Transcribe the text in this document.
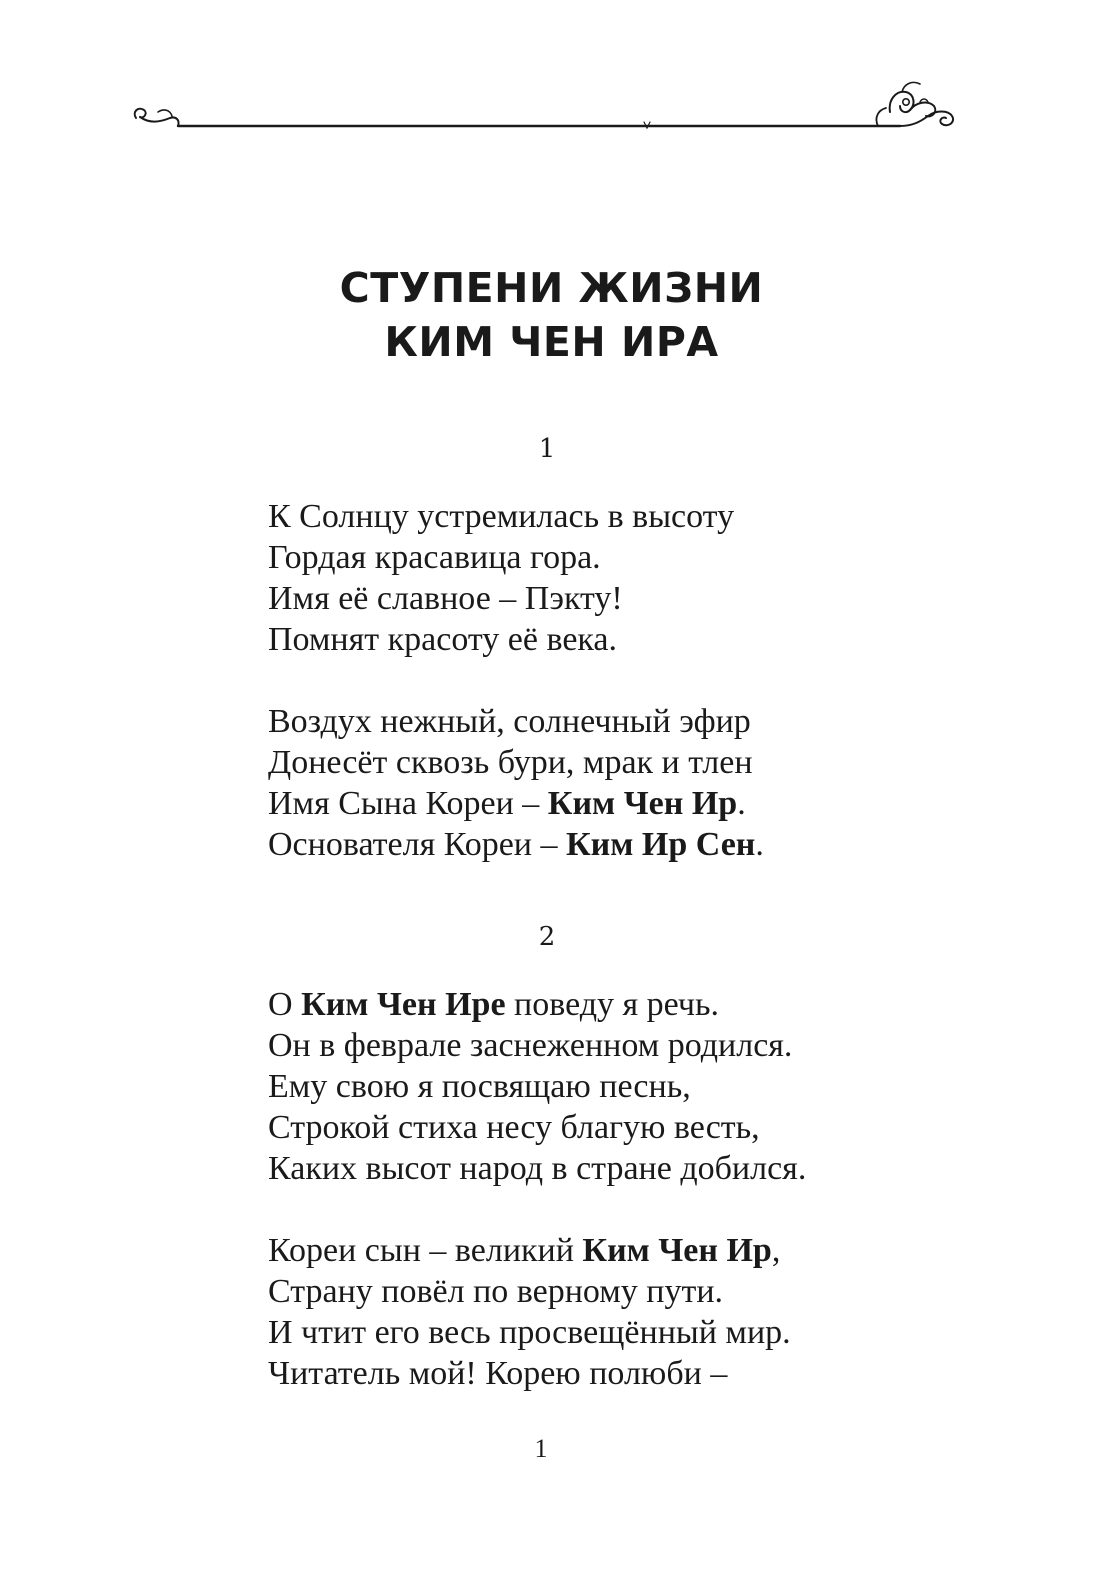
СТУПЕНИ ЖИЗНИ
КИМ ЧЕН ИРА
1
К Солнцу устремилась в высоту
Гордая красавица гора.
Имя её славное – Пэкту!
Помнят красоту её века.
Воздух нежный, солнечный эфир
Донесёт сквозь бури, мрак и тлен
Имя Сына Кореи – Ким Чен Ир.
Основателя Кореи – Ким Ир Сен.
2
О Ким Чен Ире поведу я речь.
Он в феврале заснеженном родился.
Ему свою я посвящаю песнь,
Строкой стиха несу благую весть,
Каких высот народ в стране добился.
Кореи сын – великий Ким Чен Ир,
Страну повёл по верному пути.
И чтит его весь просвещённый мир.
Читатель мой! Корею полюби –
1
